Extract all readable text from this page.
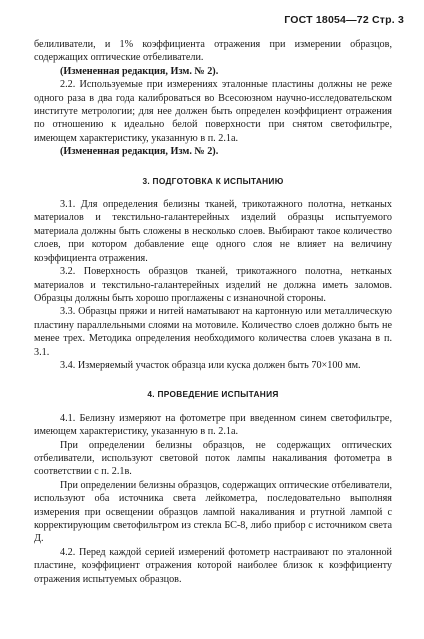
ГОСТ 18054—72 Стр. 3

белиливатели, и 1% коэффициента отражения при измерении образцов, содержащих оптические отбеливатели.

(Измененная редакция, Изм. № 2).

2.2. Используемые при измерениях эталонные пластины должны не реже одного раза в два года калиброваться во Всесоюзном научно-исследовательском институте метрологии; для нее должен быть определен коэффициент отражения по отношению к идеально белой поверхности при снятом светофильтре, имеющем характеристику, указанную в п. 2.1а.

(Измененная редакция, Изм. № 2).

3. ПОДГОТОВКА К ИСПЫТАНИЮ

3.1. Для определения белизны тканей, трикотажного полотна, нетканых материалов и текстильно-галантерейных изделий образцы испытуемого материала должны быть сложены в несколько слоев. Выбирают такое количество слоев, при котором добавление еще одного слоя не влияет на величину коэффициента отражения.

3.2. Поверхность образцов тканей, трикотажного полотна, нетканых материалов и текстильно-галантерейных изделий не должна иметь заломов. Образцы должны быть хорошо проглажены с изнаночной стороны.

3.3. Образцы пряжи и нитей наматывают на картонную или металлическую пластину параллельными слоями на мотовиле. Количество слоев должно быть не менее трех. Методика определения необходимого количества слоев указана в п. 3.1.

3.4. Измеряемый участок образца или куска должен быть 70×100 мм.

4. ПРОВЕДЕНИЕ ИСПЫТАНИЯ

4.1. Белизну измеряют на фотометре при введенном синем светофильтре, имеющем характеристику, указанную в п. 2.1а.

При определении белизны образцов, не содержащих оптических отбеливатели, используют световой поток лампы накаливания фотометра в соответствии с п. 2.1в.

При определении белизны образцов, содержащих оптические отбеливатели, используют оба источника света лейкометра, последовательно выполняя измерения при освещении образцов лампой накаливания и ртутной лампой с корректирующим светофильтром из стекла БС-8, либо прибор с источником света Д.

4.2. Перед каждой серией измерений фотометр настраивают по эталонной пластине, коэффициент отражения которой наиболее близок к коэффициенту отражения испытуемых образцов.
